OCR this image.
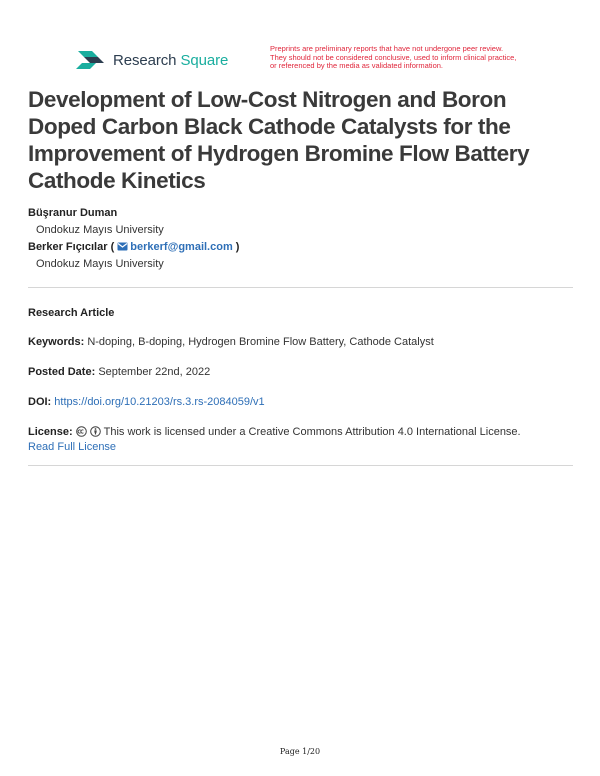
Research Square
Preprints are preliminary reports that have not undergone peer review.
They should not be considered conclusive, used to inform clinical practice,
or referenced by the media as validated information.
Development of Low-Cost Nitrogen and Boron
Doped Carbon Black Cathode Catalysts for the
Improvement of Hydrogen Bromine Flow Battery
Cathode Kinetics
Büşranur Duman
Ondokuz Mayıs University
Berker Fıçıcılar ( berkerf@gmail.com )
Ondokuz Mayıs University
Research Article
Keywords: N-doping, B-doping, Hydrogen Bromine Flow Battery, Cathode Catalyst
Posted Date: September 22nd, 2022
DOI: https://doi.org/10.21203/rs.3.rs-2084059/v1
License:	This work is licensed under a Creative Commons Attribution 4.0 International License.
Read Full License
Page 1/20
